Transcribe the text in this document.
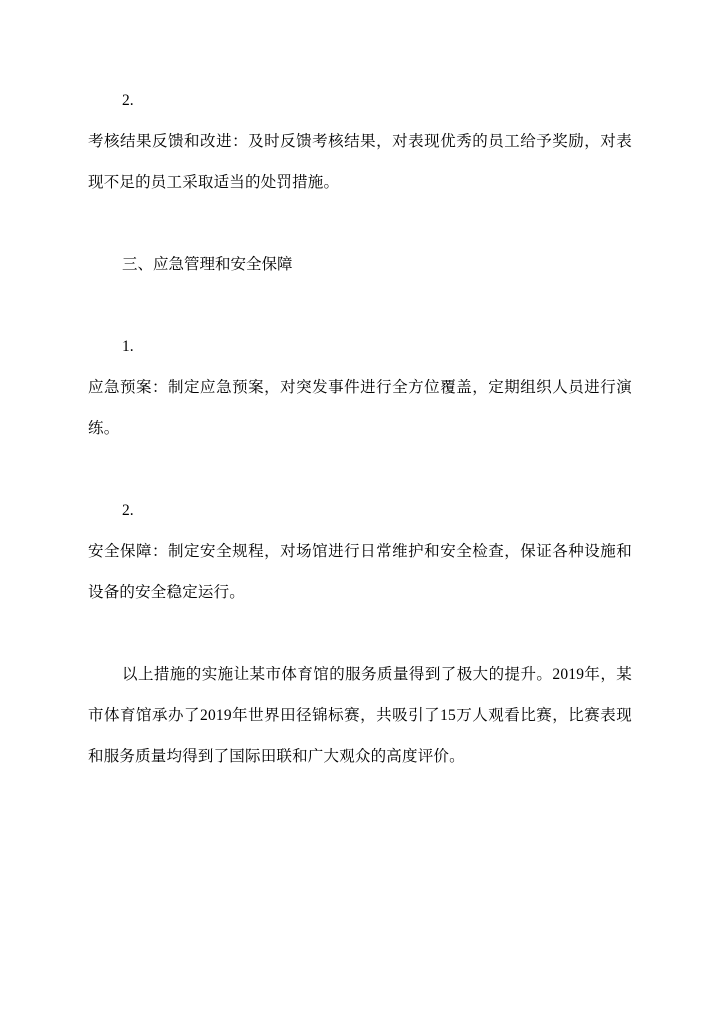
2.

考核结果反馈和改进：及时反馈考核结果，对表现优秀的员工给予奖励，对表现不足的员工采取适当的处罚措施。

三、应急管理和安全保障

1.

应急预案：制定应急预案，对突发事件进行全方位覆盖，定期组织人员进行演练。

2.

安全保障：制定安全规程，对场馆进行日常维护和安全检查，保证各种设施和设备的安全稳定运行。

以上措施的实施让某市体育馆的服务质量得到了极大的提升。2019年，某市体育馆承办了2019年世界田径锦标赛，共吸引了15万人观看比赛，比赛表现和服务质量均得到了国际田联和广大观众的高度评价。
